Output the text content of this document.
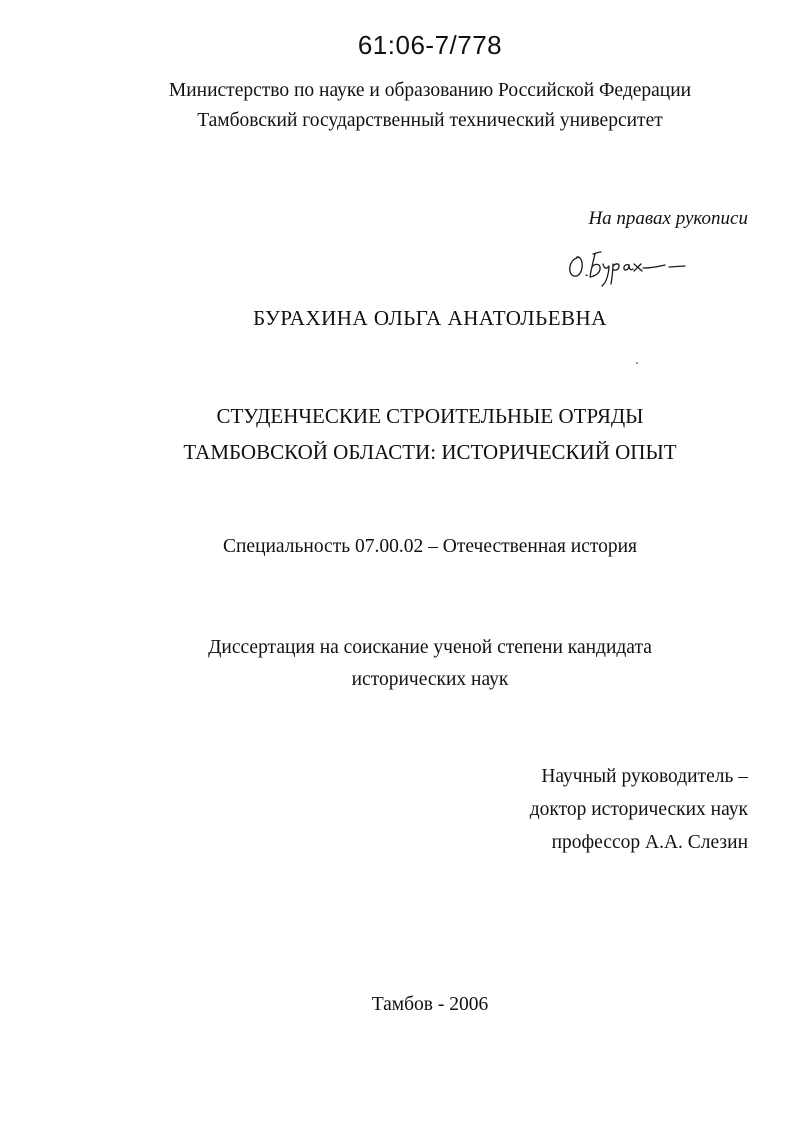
61:06-7/778
Министерство по науке и образованию Российской Федерации
Тамбовский государственный технический университет
На правах рукописи
БУРАХИНА ОЛЬГА АНАТОЛЬЕВНА
СТУДЕНЧЕСКИЕ СТРОИТЕЛЬНЫЕ ОТРЯДЫ
ТАМБОВСКОЙ ОБЛАСТИ: ИСТОРИЧЕСКИЙ ОПЫТ
Специальность 07.00.02 – Отечественная история
Диссертация на соискание ученой степени кандидата
исторических наук
Научный руководитель –
доктор исторических наук
профессор А.А. Слезин
Тамбов - 2006
